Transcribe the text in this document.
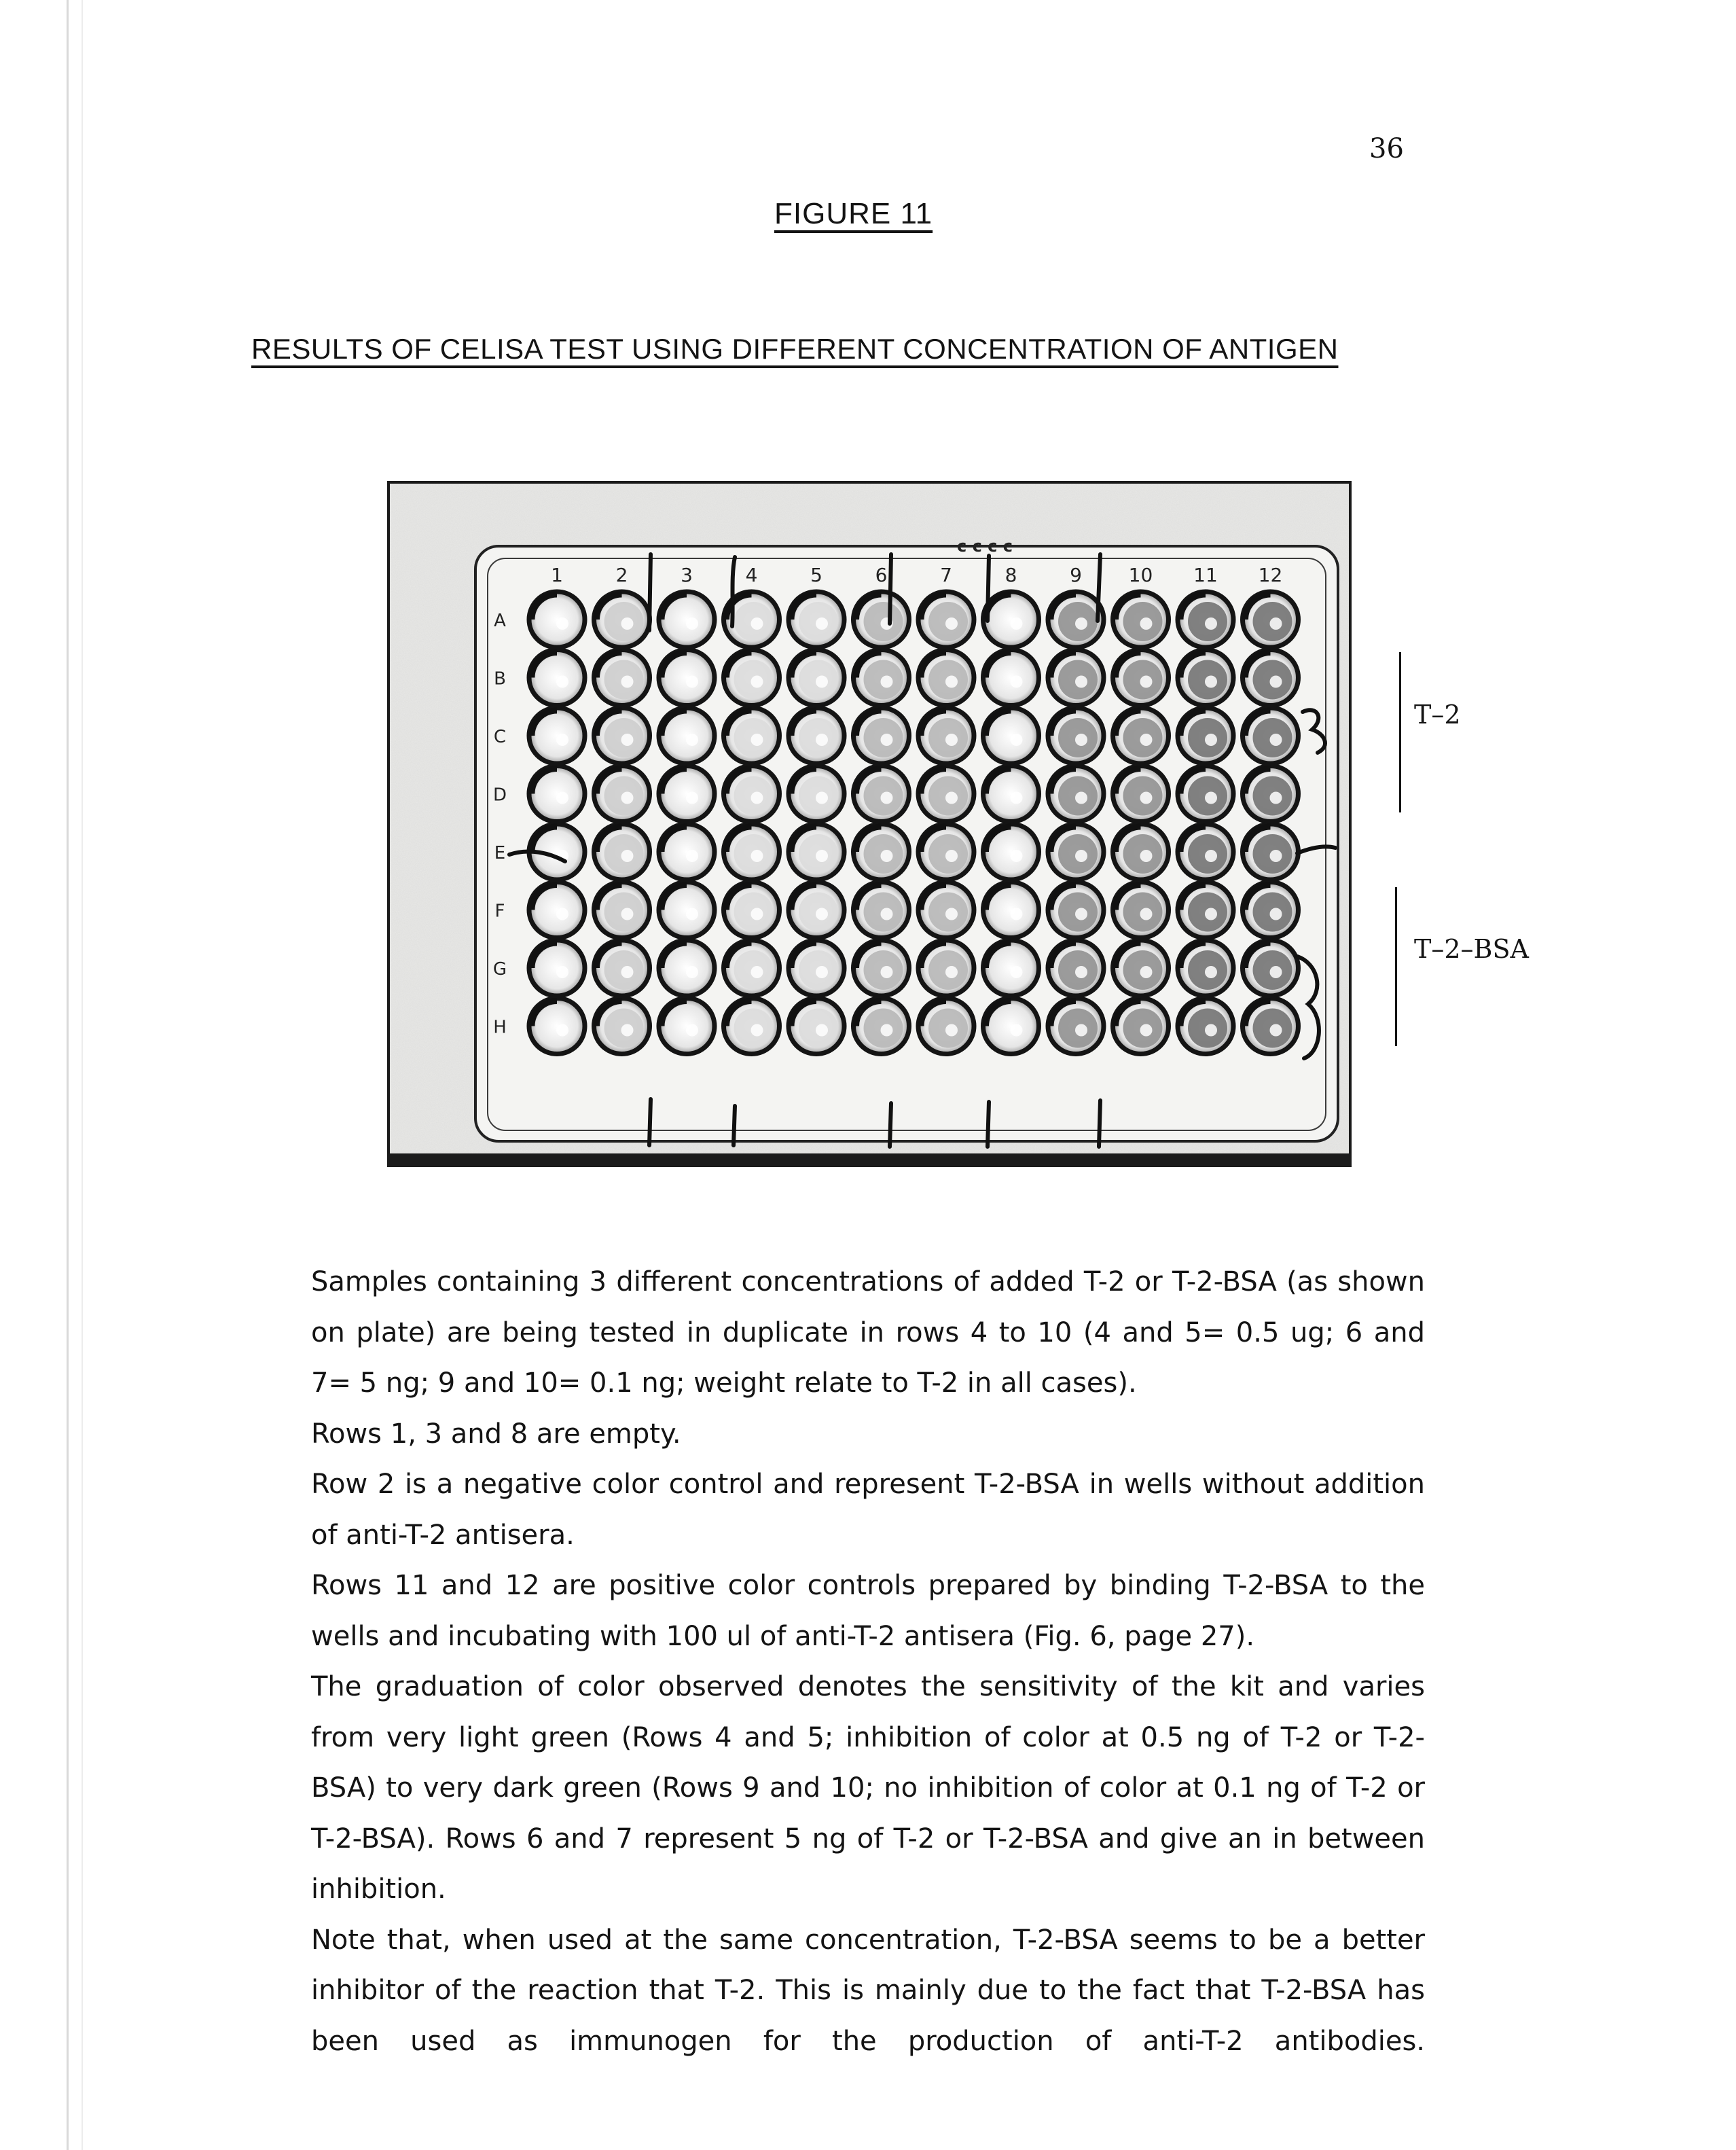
36
FIGURE 11
RESULTS OF CELISA TEST USING DIFFERENT CONCENTRATION OF ANTIGEN
1	2	3	4	5	6	7	8	9 10 11 12
A
B
C
D
E
F
G
H
c c c c
T–2
T–2–BSA

Samples containing 3 different concentrations of added T-2 or T-2-BSA (as shown on plate) are being tested in duplicate in rows 4 to 10 (4 and 5= 0.5 ug; 6 and 7= 5 ng; 9 and 10= 0.1 ng; weight relate to T-2 in all cases).

Rows 1, 3 and 8 are empty.

Row 2 is a negative color control and represent T-2-BSA in wells without addition of anti-T-2 antisera.

Rows 11 and 12 are positive color controls prepared by binding T-2-BSA to the wells and incubating with 100 ul of anti-T-2 antisera (Fig. 6, page 27).

The graduation of color observed denotes the sensitivity of the kit and varies from very light green (Rows 4 and 5; inhibition of color at 0.5 ng of T-2 or T-2-BSA) to very dark green (Rows 9 and 10; no inhibition of color at 0.1 ng of T-2 or T-2-BSA). Rows 6 and 7 represent 5 ng of T-2 or T-2-BSA and give an in between inhibition.

Note that, when used at the same concentration, T-2-BSA seems to be a better inhibitor of the reaction that T-2. This is mainly due to the fact that T-2-BSA has been used as immunogen for the production of anti-T-2 antibodies.
